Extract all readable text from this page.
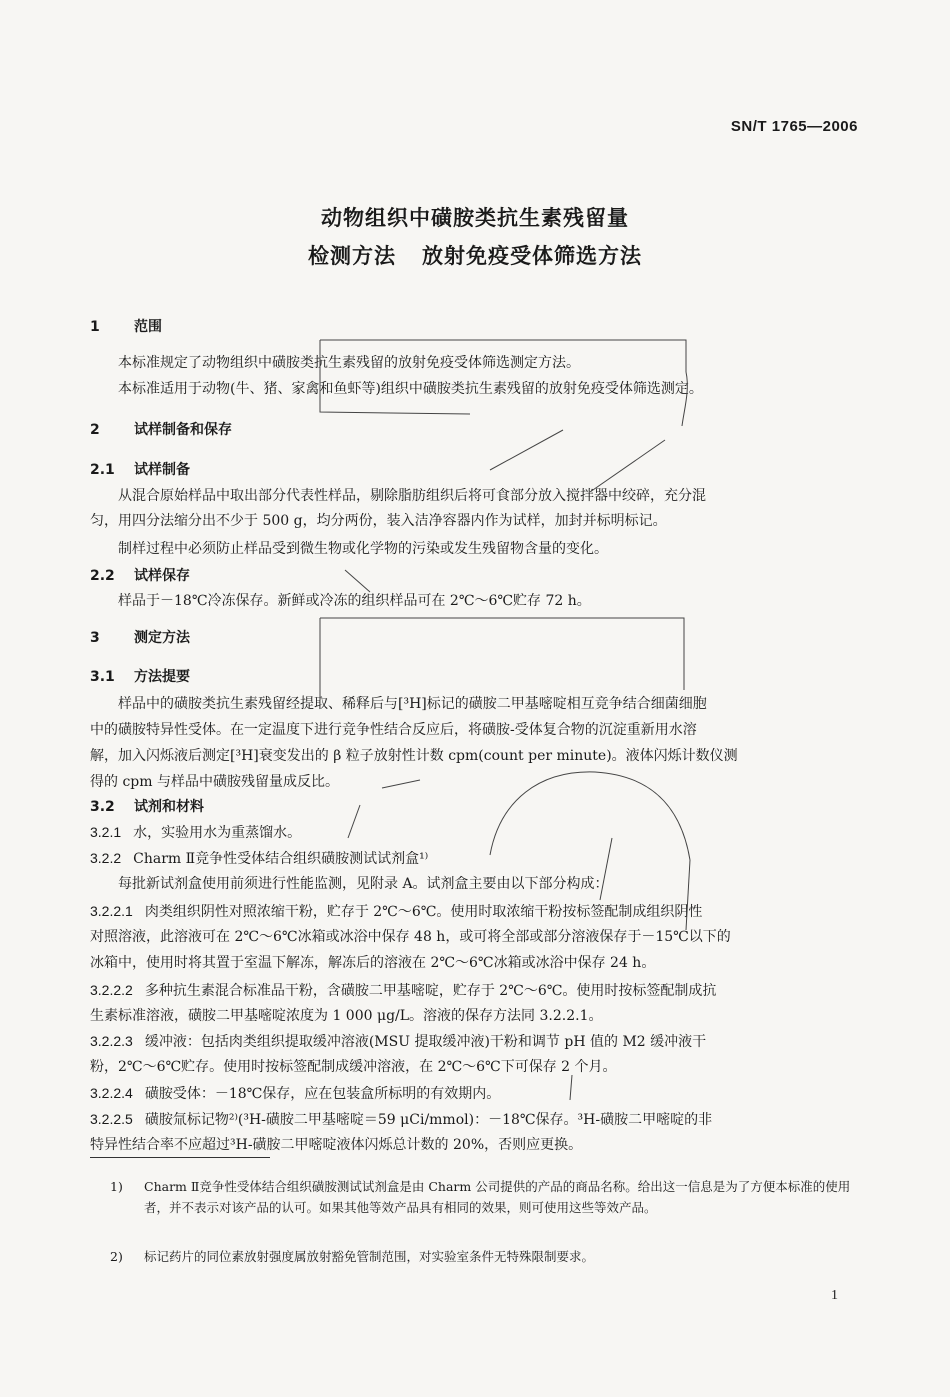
SN/T 1765—2006
动物组织中磺胺类抗生素残留量
检测方法 放射免疫受体筛选方法
1 范围
本标准规定了动物组织中磺胺类抗生素残留的放射免疫受体筛选测定方法。
本标准适用于动物(牛、猪、家禽和鱼虾等)组织中磺胺类抗生素残留的放射免疫受体筛选测定。
2 试样制备和保存
2.1 试样制备
从混合原始样品中取出部分代表性样品，剔除脂肪组织后将可食部分放入搅拌器中绞碎，充分混
匀，用四分法缩分出不少于 500 g，均分两份，装入洁净容器内作为试样，加封并标明标记。
制样过程中必须防止样品受到微生物或化学物的污染或发生残留物含量的变化。
2.2 试样保存
样品于－18℃冷冻保存。新鲜或冷冻的组织样品可在 2℃～6℃贮存 72 h。
3 测定方法
3.1 方法提要
样品中的磺胺类抗生素残留经提取、稀释后与[³H]标记的磺胺二甲基嘧啶相互竞争结合细菌细胞
中的磺胺特异性受体。在一定温度下进行竞争性结合反应后，将磺胺-受体复合物的沉淀重新用水溶
解，加入闪烁液后测定[³H]衰变发出的 β 粒子放射性计数 cpm(count per minute)。液体闪烁计数仪测
得的 cpm 与样品中磺胺残留量成反比。
3.2 试剂和材料
3.2.1 水，实验用水为重蒸馏水。
3.2.2 Charm Ⅱ竞争性受体结合组织磺胺测试试剂盒¹⁾
每批新试剂盒使用前须进行性能监测，见附录 A。试剂盒主要由以下部分构成：
3.2.2.1 肉类组织阴性对照浓缩干粉，贮存于 2℃～6℃。使用时取浓缩干粉按标签配制成组织阴性
对照溶液，此溶液可在 2℃～6℃冰箱或冰浴中保存 48 h，或可将全部或部分溶液保存于－15℃以下的
冰箱中，使用时将其置于室温下解冻，解冻后的溶液在 2℃～6℃冰箱或冰浴中保存 24 h。
3.2.2.2 多种抗生素混合标准品干粉，含磺胺二甲基嘧啶，贮存于 2℃～6℃。使用时按标签配制成抗
生素标准溶液，磺胺二甲基嘧啶浓度为 1 000 μg/L。溶液的保存方法同 3.2.2.1。
3.2.2.3 缓冲液：包括肉类组织提取缓冲溶液(MSU 提取缓冲液)干粉和调节 pH 值的 M2 缓冲液干
粉，2℃～6℃贮存。使用时按标签配制成缓冲溶液，在 2℃～6℃下可保存 2 个月。
3.2.2.4 磺胺受体：－18℃保存，应在包装盒所标明的有效期内。
3.2.2.5 磺胺氚标记物²⁾(³H-磺胺二甲基嘧啶＝59 μCi/mmol)：－18℃保存。³H-磺胺二甲嘧啶的非
特异性结合率不应超过³H-磺胺二甲嘧啶液体闪烁总计数的 20%，否则应更换。
1)	Charm Ⅱ竞争性受体结合组织磺胺测试试剂盒是由 Charm 公司提供的产品的商品名称。给出这一信息是为了方便本标准的使用者，并不表示对该产品的认可。如果其他等效产品具有相同的效果，则可使用这些等效产品。
2)	标记药片的同位素放射强度属放射豁免管制范围，对实验室条件无特殊限制要求。
1
